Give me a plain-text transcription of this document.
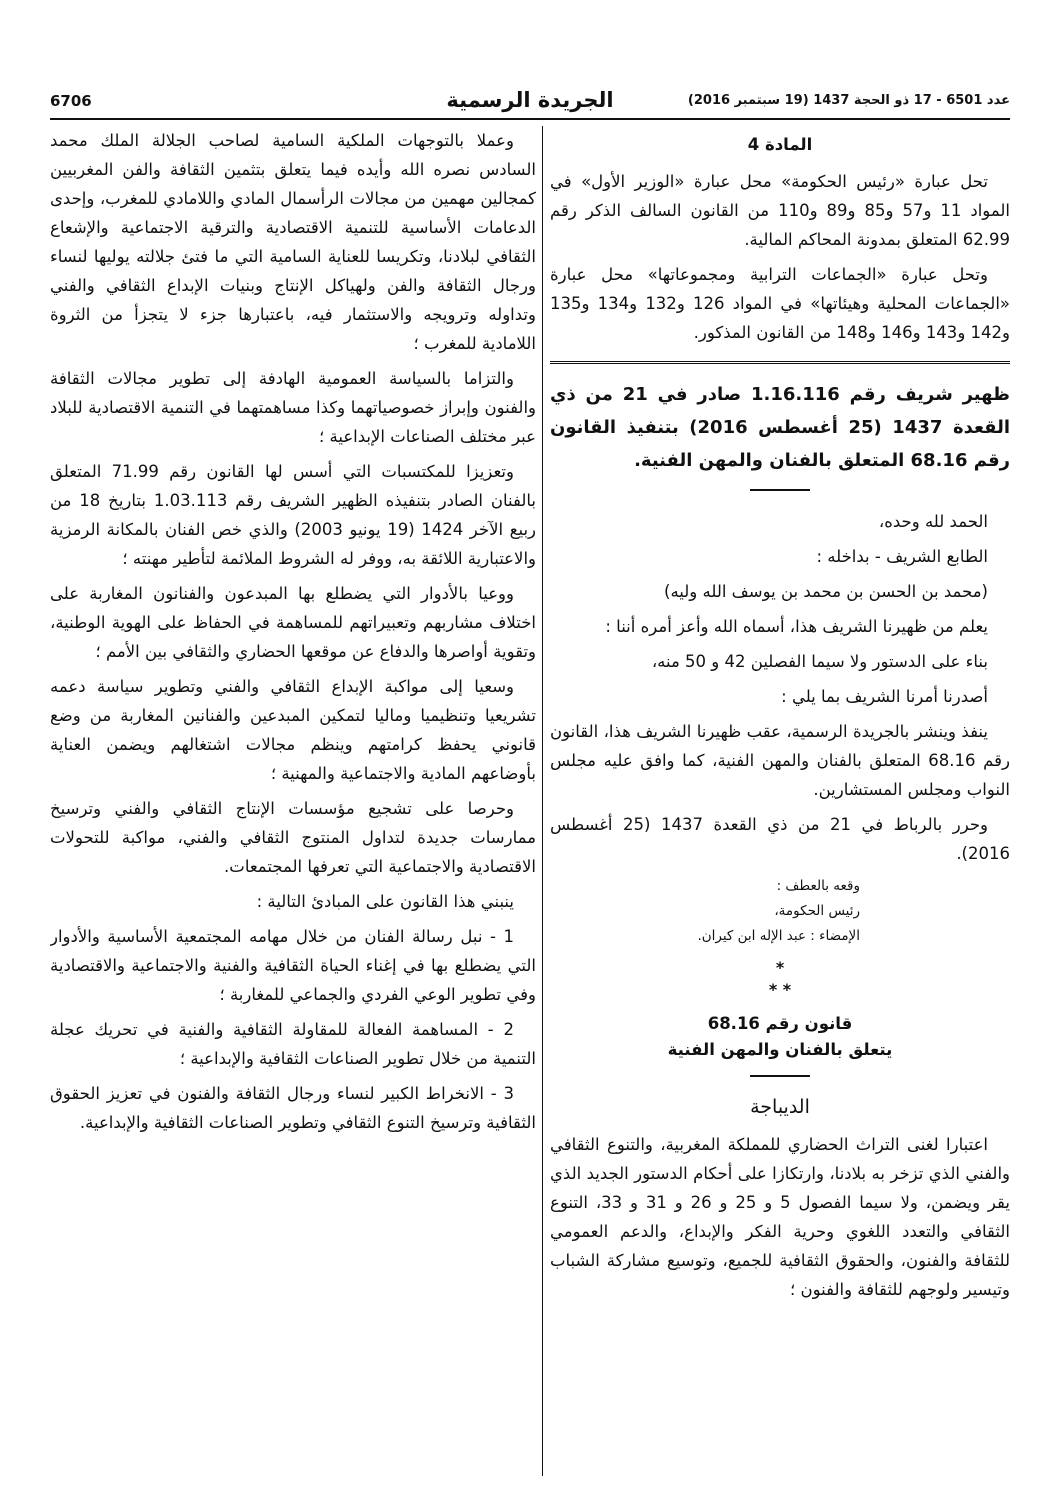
6706	الجريدة الرسمية	عدد 6501 - 17 ذو الحجة 1437 (19 سبتمبر 2016)

المادة 4

تحل عبارة «رئيس الحكومة» محل عبارة «الوزير الأول» في المواد 11 و57 و85 و89 و110 من القانون السالف الذكر رقم 62.99 المتعلق بمدونة المحاكم المالية.

وتحل عبارة «الجماعات الترابية ومجموعاتها» محل عبارة «الجماعات المحلية وهيئاتها» في المواد 126 و132 و134 و135 و142 و143 و146 و148 من القانون المذكور.

ظهير شريف رقم 1.16.116 صادر في 21 من ذي القعدة 1437 (25 أغسطس 2016) بتنفيذ القانون رقم 68.16 المتعلق بالفنان والمهن الفنية.

الحمد لله وحده،

الطابع الشريف - بداخله :

(محمد بن الحسن بن محمد بن يوسف الله وليه)

يعلم من ظهيرنا الشريف هذا، أسماه الله وأعز أمره أننا :

بناء على الدستور ولا سيما الفصلين 42 و 50 منه،

أصدرنا أمرنا الشريف بما يلي :

ينفذ وينشر بالجريدة الرسمية، عقب ظهيرنا الشريف هذا، القانون رقم 68.16 المتعلق بالفنان والمهن الفنية، كما وافق عليه مجلس النواب ومجلس المستشارين.

وحرر بالرباط في 21 من ذي القعدة 1437 (25 أغسطس 2016).

وقعه بالعطف :

رئيس الحكومة،

الإمضاء : عبد الإله ابن كيران.

*

* *

قانون رقم 68.16

يتعلق بالفنان والمهن الفنية

الديباجة

اعتبارا لغنى التراث الحضاري للمملكة المغربية، والتنوع الثقافي والفني الذي تزخر به بلادنا، وارتكازا على أحكام الدستور الجديد الذي يقر ويضمن، ولا سيما الفصول 5 و 25 و 26 و 31 و 33، التنوع الثقافي والتعدد اللغوي وحرية الفكر والإبداع، والدعم العمومي للثقافة والفنون، والحقوق الثقافية للجميع، وتوسيع مشاركة الشباب وتيسير ولوجهم للثقافة والفنون ؛

وعملا بالتوجهات الملكية السامية لصاحب الجلالة الملك محمد السادس نصره الله وأيده فيما يتعلق بتثمين الثقافة والفن المغربيين كمجالين مهمين من مجالات الرأسمال المادي واللامادي للمغرب، وإحدى الدعامات الأساسية للتنمية الاقتصادية والترقية الاجتماعية والإشعاع الثقافي لبلادنا، وتكريسا للعناية السامية التي ما فتئ جلالته يوليها لنساء ورجال الثقافة والفن ولهياكل الإنتاج وبنيات الإبداع الثقافي والفني وتداوله وترويجه والاستثمار فيه، باعتبارها جزء لا يتجزأ من الثروة اللامادية للمغرب ؛

والتزاما بالسياسة العمومية الهادفة إلى تطوير مجالات الثقافة والفنون وإبراز خصوصياتهما وكذا مساهمتهما في التنمية الاقتصادية للبلاد عبر مختلف الصناعات الإبداعية ؛

وتعزيزا للمكتسبات التي أسس لها القانون رقم 71.99 المتعلق بالفنان الصادر بتنفيذه الظهير الشريف رقم 1.03.113 بتاريخ 18 من ربيع الآخر 1424 (19 يونيو 2003) والذي خص الفنان بالمكانة الرمزية والاعتبارية اللائقة به، ووفر له الشروط الملائمة لتأطير مهنته ؛

ووعيا بالأدوار التي يضطلع بها المبدعون والفنانون المغاربة على اختلاف مشاربهم وتعبيراتهم للمساهمة في الحفاظ على الهوية الوطنية، وتقوية أواصرها والدفاع عن موقعها الحضاري والثقافي بين الأمم ؛

وسعيا إلى مواكبة الإبداع الثقافي والفني وتطوير سياسة دعمه تشريعيا وتنظيميا وماليا لتمكين المبدعين والفنانين المغاربة من وضع قانوني يحفظ كرامتهم وينظم مجالات اشتغالهم ويضمن العناية بأوضاعهم المادية والاجتماعية والمهنية ؛

وحرصا على تشجيع مؤسسات الإنتاج الثقافي والفني وترسيخ ممارسات جديدة لتداول المنتوج الثقافي والفني، مواكبة للتحولات الاقتصادية والاجتماعية التي تعرفها المجتمعات.

ينبني هذا القانون على المبادئ التالية :

1 - نبل رسالة الفنان من خلال مهامه المجتمعية الأساسية والأدوار التي يضطلع بها في إغناء الحياة الثقافية والفنية والاجتماعية والاقتصادية وفي تطوير الوعي الفردي والجماعي للمغاربة ؛

2 - المساهمة الفعالة للمقاولة الثقافية والفنية في تحريك عجلة التنمية من خلال تطوير الصناعات الثقافية والإبداعية ؛

3 - الانخراط الكبير لنساء ورجال الثقافة والفنون في تعزيز الحقوق الثقافية وترسيخ التنوع الثقافي وتطوير الصناعات الثقافية والإبداعية.
